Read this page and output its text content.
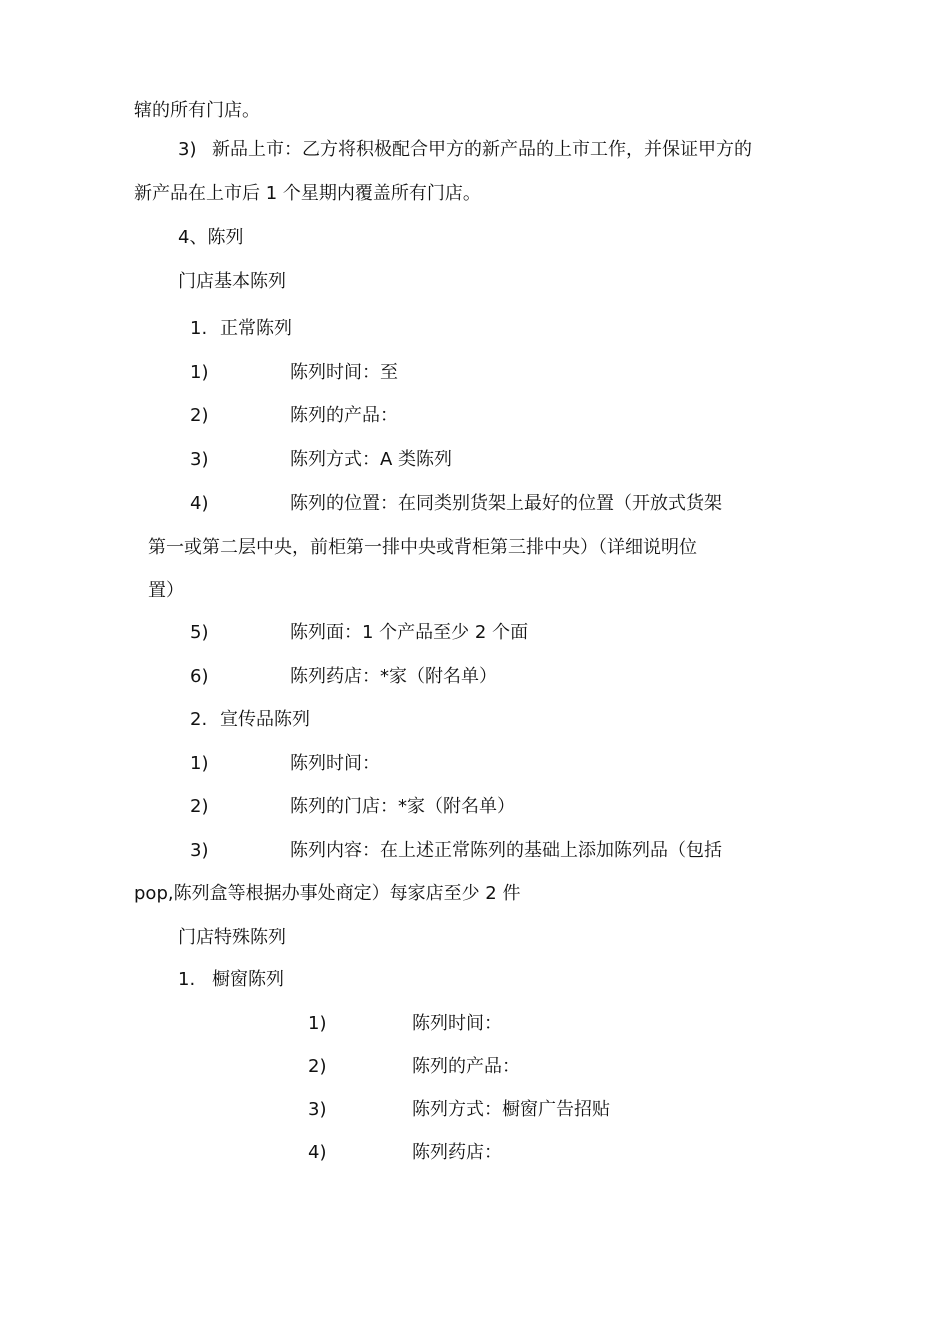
辖的所有门店。
3) 新品上市：乙方将积极配合甲方的新产品的上市工作，并保证甲方的
新产品在上市后 1 个星期内覆盖所有门店。
4、陈列
门店基本陈列
1. 正常陈列
1)	陈列时间：至
2)	陈列的产品：
3)	陈列方式：A 类陈列
4)	陈列的位置：在同类别货架上最好的位置（开放式货架
第一或第二层中央，前柜第一排中央或背柜第三排中央）（详细说明位
置）
5)	陈列面：1 个产品至少 2 个面
6)	陈列药店：*家（附名单）
2. 宣传品陈列
1)	陈列时间：
2)	陈列的门店：*家（附名单）
3)	陈列内容：在上述正常陈列的基础上添加陈列品（包括
pop,陈列盒等根据办事处商定）每家店至少 2 件
门店特殊陈列
1. 橱窗陈列
1)	陈列时间：
2)	陈列的产品：
3)	陈列方式：橱窗广告招贴
4)	陈列药店：
